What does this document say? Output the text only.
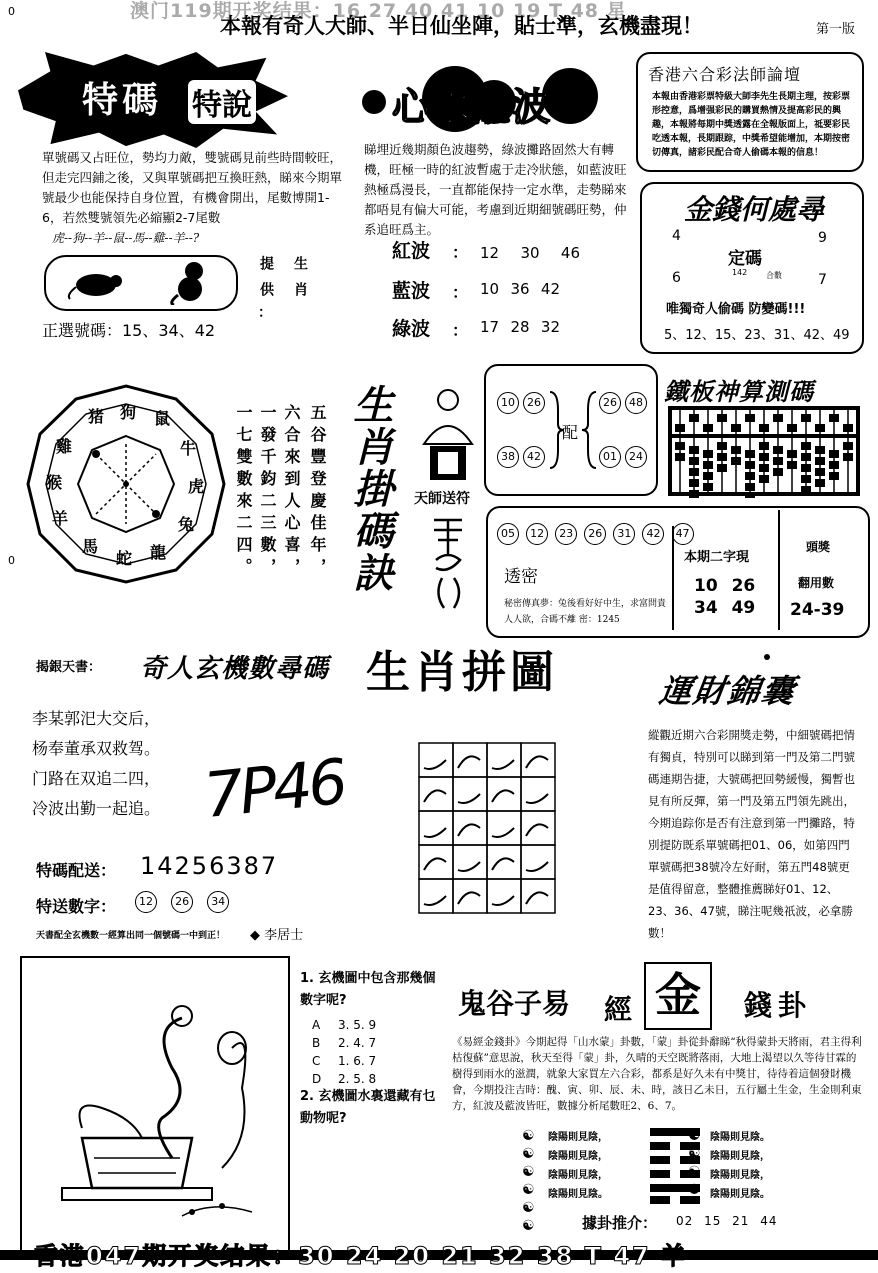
澳门119期开奖结果：16 27 40 41 10 19 T 48 星
本報有奇人大師、半日仙坐陣，貼士準，玄機盡現！	第一版
0
0
特碼 特說
單號碼又占旺位，勢均力敵，雙號碼見前些時間較旺，但走完四鋪之後，又與單號碼把互換旺熱，睇來今期單號最少也能保持自身位置，有機會開出，尾數博開1-6，若然雙號領先必縮顯2-7尾數
虎--狗--羊--鼠--馬--雞--羊--?
提供 生肖
：
正選號碼：15、34、42
心水靚波
睇埋近幾期顏色波趨勢，綠波攤路固然大有轉機，旺極一時的紅波暫處于走冷狀態，如藍波旺熱極爲漫長，一直都能保持一定水準，走勢睇來都唔見有偏大可能，考慮到近期細號碼旺勢，仲系追旺爲主。
紅波 ： 12 30 46
藍波 ： 10 36 42
綠波 ： 17 28 32
香港六合彩法師論壇
本報由香港彩票特級大師李先生長期主理，按彩票形控意，爲增强彩民的購買熱情及提高彩民的興趣，本報將每期中獎透露在全報版面上，祗要彩民吃透本報，長期跟踪，中獎希望能增加，本期按密切傳真，諸彩民配合奇人偷碼本報的信息！
金錢何處尋
4	9
6	7
定碼
142 合數
唯獨奇人偷碼 防變碼!!!
5、12、15、23、31、42、49
猪 狗 鼠
牛
虎
兔
龍
蛇
馬
羊
猴
雞	五谷豐登慶佳年，
六合來到人心喜，
一發千鈞二三數，
一七雙數來二四。 生肖掛碼訣	天師送符
10	26
38	42
配
26	48
01	24
鐵板神算測碼
05 12 23 26 31 42 47
透密
秘密傳真夢：兔後看好好中生，求富問貴人人欲，合碼不離 密：1245
本期二字現
10 26
34 49
頭獎
翻用數
24-39
揭銀天書： 奇人玄機數尋碼

李某郭汜大交后，

杨奉董承双救驾。

门路在双追二四，

冷波出勤一起追。 7P46
特碼配送： 14256387
特送數字：	12 26 34
天書配全玄機數一經算出同一個號碼一中到正！ ◆ 李居士
生肖拼圖	運財錦囊
縱觀近期六合彩開獎走勢，中細號碼把情有獨貞，特別可以睇到第一門及第二門號碼連期告捷，大號碼把回勢緩慢，獨暫也見有所反彈，第一門及第五門領先跳出，今期追踪你是否有注意到第一門攤路，特別提防既系單號碼把01、06，如第四門單號碼把38號冷左好耐，第五門48號更是值得留意，整體推薦睇好01、12、23、36、47號，睇注呢幾祇波，必拿勝數！
1. 玄機圖中包含那幾個數字呢?

A 3. 5. 9

B 2. 4. 7

C 1. 6. 7

D 2. 5. 8

2. 玄機圖水裏還藏有乜動物呢?
鬼谷子易 經 金	錢卦
《易經金錢卦》今期起得「山水蒙」卦數，「蒙」卦從卦辭睇“秋得蒙卦天將雨，君主得利枯復蘇”意思說，秋天至得「蒙」卦，久晴的天空既將落雨，大地上渴望以久等待甘霖的樹得到雨水的滋潤，就象大家買左六合彩，都系是好久未有中獎甘，待待着這個發財機會，今期投注吉時：醜、寅、卯、辰、未、時，該日乙未日，五行屬土生金，生金則利東方，紅波及藍波皆旺，數據分析尾數旺2、6、7。
☯
☯
☯
☯
☯
☯

陰陽則見陰，

陰陽則見陰，

陰陽則見陰，

陰陽則見陰。

☯
☯
☯
☯

陰陽則見陰。

陰陽則見陰，

陰陽則見陰，

陰陽則見陰。

據卦推介： 02 15 21 44
香港047期开奖结果：30 24 20 21 32 38 T 47 羊
